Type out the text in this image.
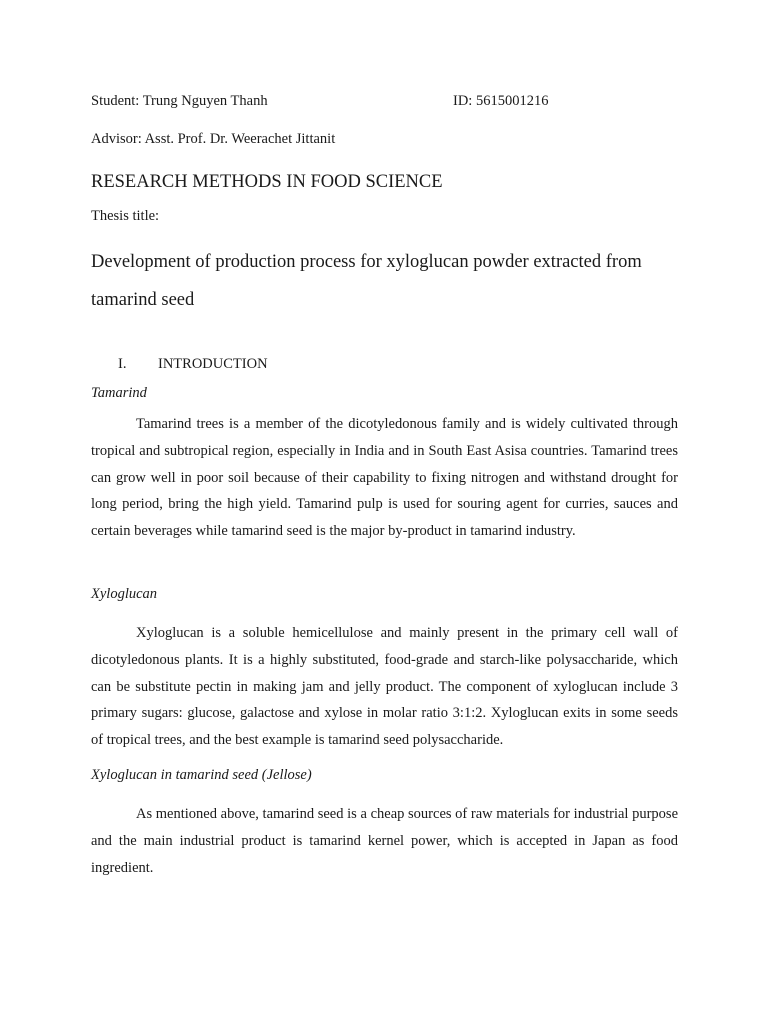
Student: Trung Nguyen Thanh	ID: 5615001216

Advisor: Asst. Prof. Dr. Weerachet Jittanit

RESEARCH METHODS IN FOOD SCIENCE

Thesis title:

Development of production process for xyloglucan powder extracted from tamarind seed

I. INTRODUCTION

Tamarind

Tamarind trees is a member of the dicotyledonous family and is widely cultivated through tropical and subtropical region, especially in India and in South East Asisa countries. Tamarind trees can grow well in poor soil because of their capability to fixing nitrogen and withstand drought for long period, bring the high yield. Tamarind pulp is used for souring agent for curries, sauces and certain beverages while tamarind seed is the major by-product in tamarind industry.

Xyloglucan

Xyloglucan is a soluble hemicellulose and mainly present in the primary cell wall of dicotyledonous plants. It is a highly substituted, food-grade and starch-like polysaccharide, which can be substitute pectin in making jam and jelly product. The component of xyloglucan include 3 primary sugars: glucose, galactose and xylose in molar ratio 3:1:2. Xyloglucan exits in some seeds of tropical trees, and the best example is tamarind seed polysaccharide.

Xyloglucan in tamarind seed (Jellose)

As mentioned above, tamarind seed is a cheap sources of raw materials for industrial purpose and the main industrial product is tamarind kernel power, which is accepted in Japan as food ingredient.
